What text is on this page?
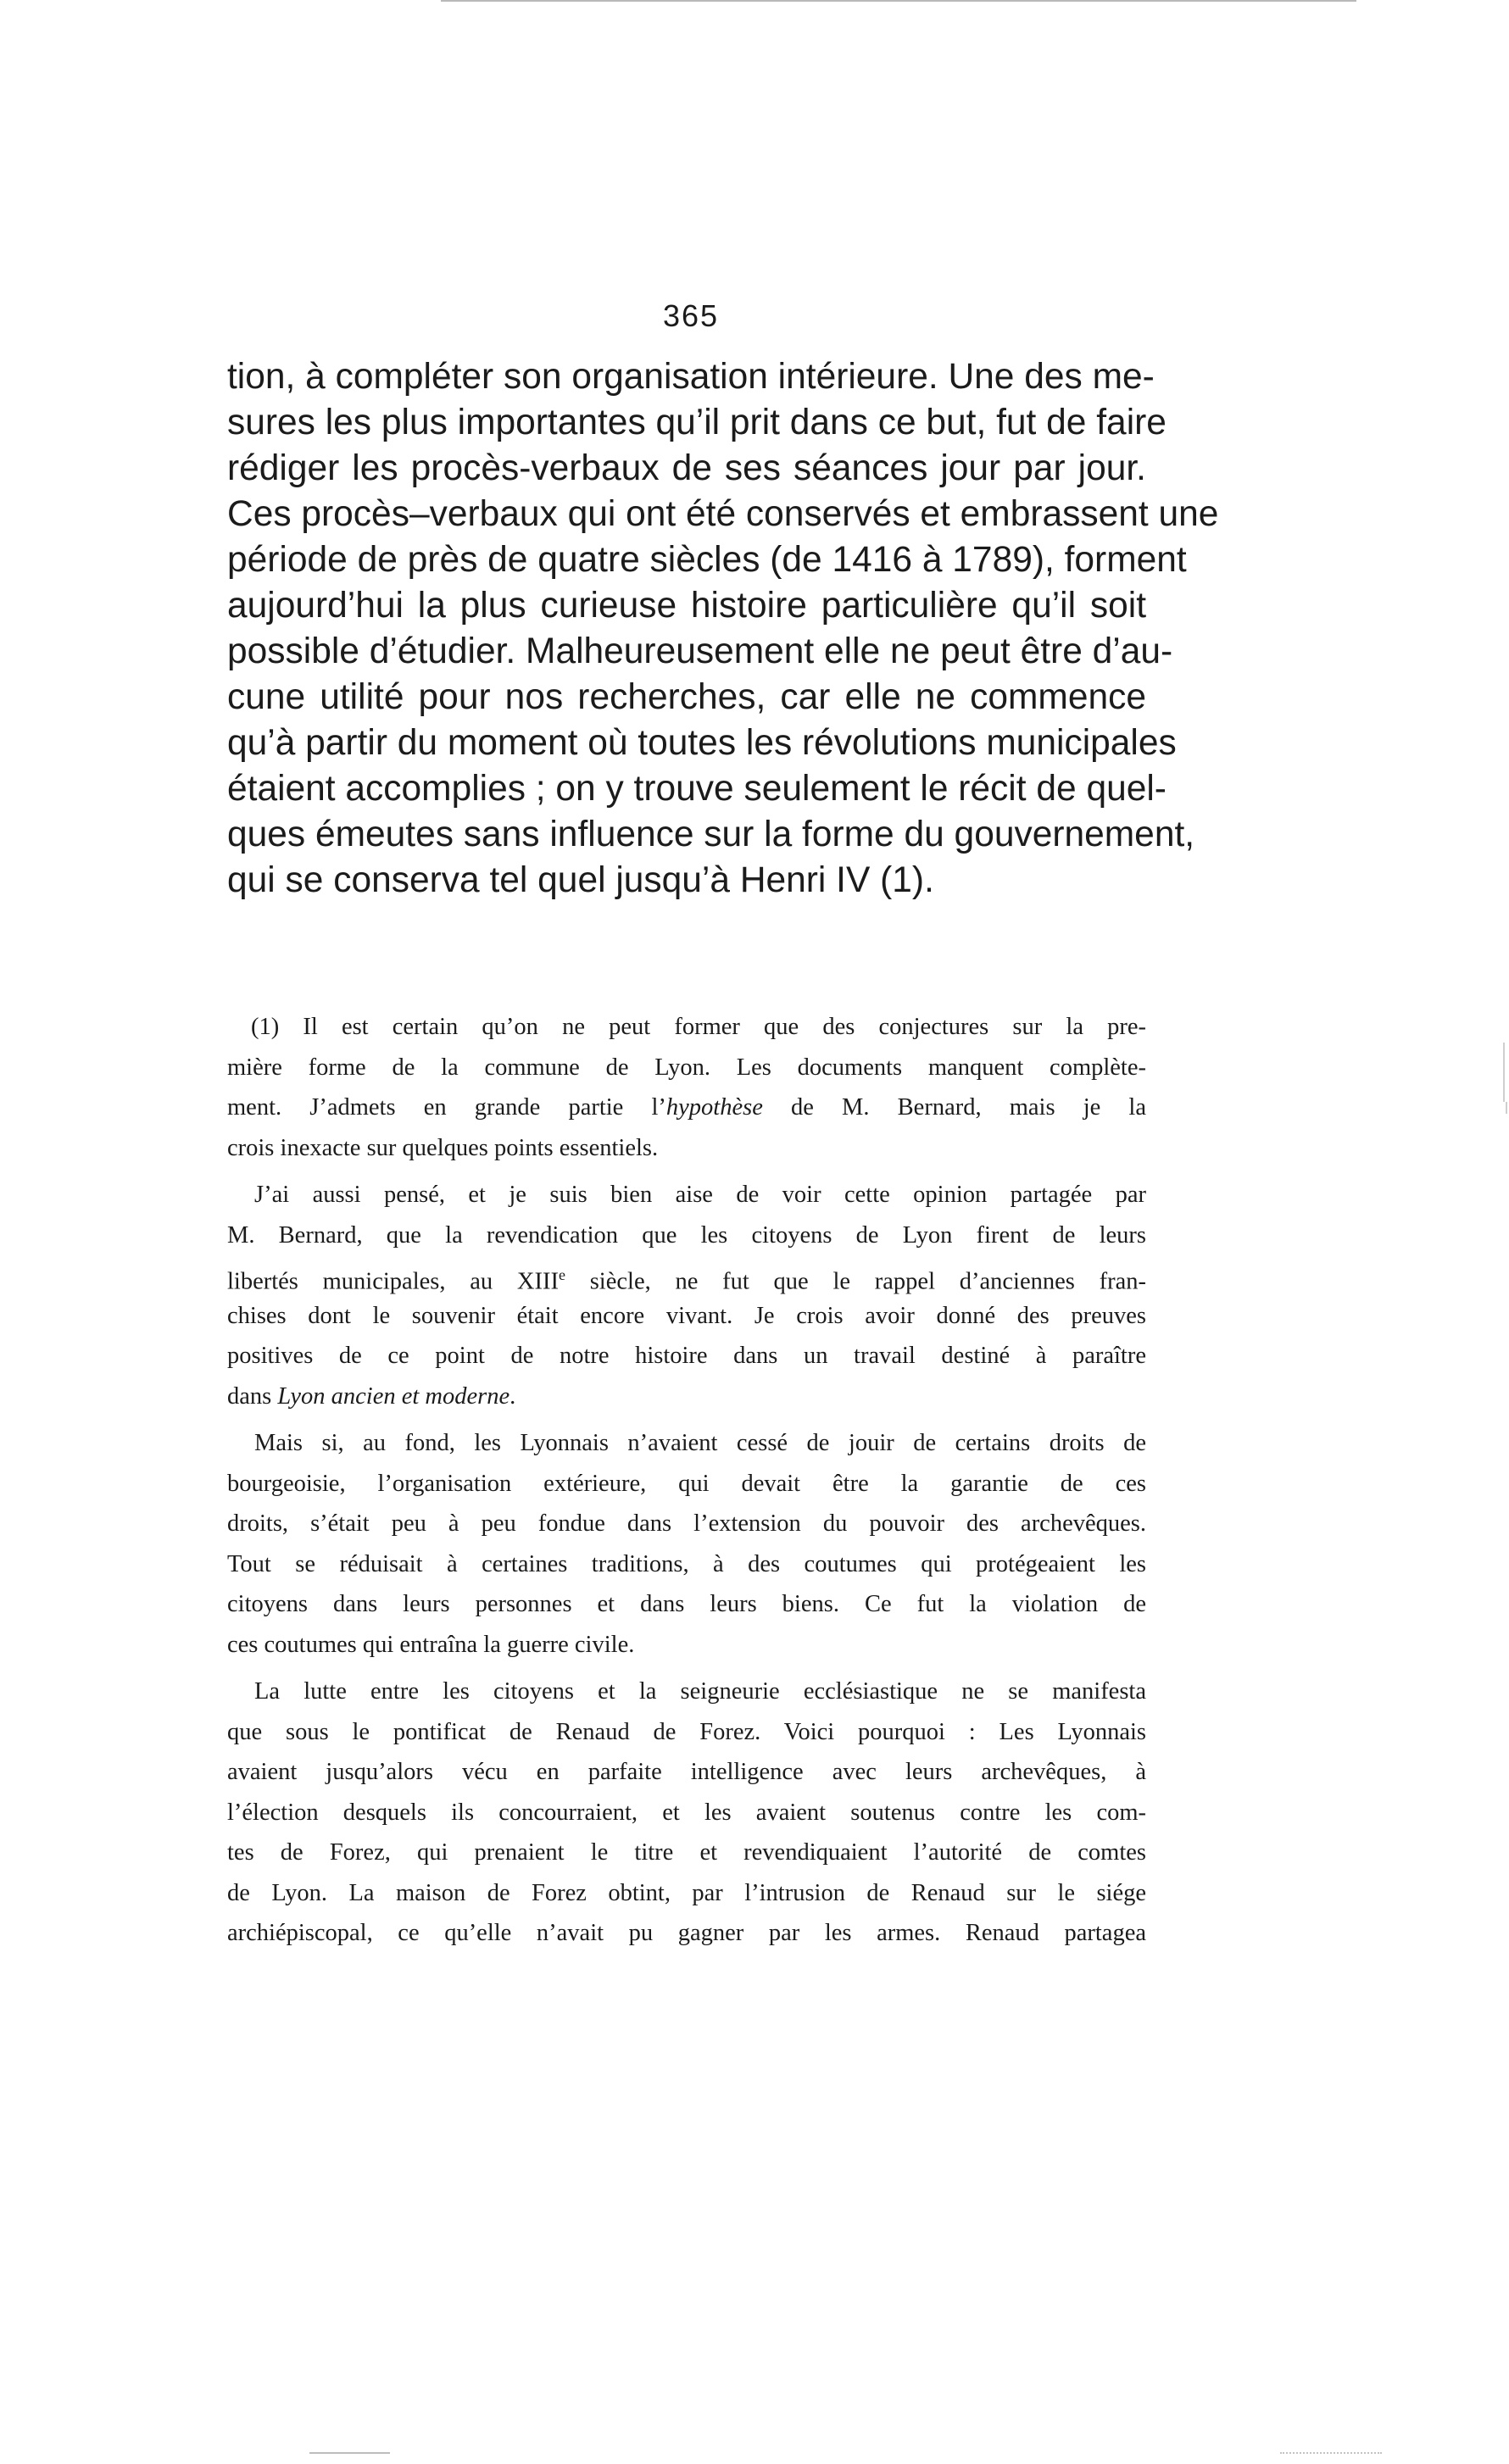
365
tion, à compléter son organisation intérieure. Une des me-
sures les plus importantes qu’il prit dans ce but, fut de faire
rédiger les procès-verbaux de ses séances jour par jour.
Ces procès–verbaux qui ont été conservés et embrassent une
période de près de quatre siècles (de 1416 à 1789), forment
aujourd’hui la plus curieuse histoire particulière qu’il soit
possible d’étudier. Malheureusement elle ne peut être d’au-
cune utilité pour nos recherches, car elle ne commence
qu’à partir du moment où toutes les révolutions municipales
étaient accomplies ; on y trouve seulement le récit de quel-
ques émeutes sans influence sur la forme du gouvernement,
qui se conserva tel quel jusqu’à Henri IV (1).
(1) Il est certain qu’on ne peut former que des conjectures sur la pre-
mière forme de la commune de Lyon. Les documents manquent complète-
ment. J’admets en grande partie l’hypothèse de M. Bernard, mais je la
crois inexacte sur quelques points essentiels.
J’ai aussi pensé, et je suis bien aise de voir cette opinion partagée par
M. Bernard, que la revendication que les citoyens de Lyon firent de leurs
libertés municipales, au XIIIe siècle, ne fut que le rappel d’anciennes fran-
chises dont le souvenir était encore vivant. Je crois avoir donné des preuves
positives de ce point de notre histoire dans un travail destiné à paraître
dans Lyon ancien et moderne.
Mais si, au fond, les Lyonnais n’avaient cessé de jouir de certains droits de
bourgeoisie, l’organisation extérieure, qui devait être la garantie de ces
droits, s’était peu à peu fondue dans l’extension du pouvoir des archevêques.
Tout se réduisait à certaines traditions, à des coutumes qui protégeaient les
citoyens dans leurs personnes et dans leurs biens. Ce fut la violation de
ces coutumes qui entraîna la guerre civile.
La lutte entre les citoyens et la seigneurie ecclésiastique ne se manifesta
que sous le pontificat de Renaud de Forez. Voici pourquoi : Les Lyonnais
avaient jusqu’alors vécu en parfaite intelligence avec leurs archevêques, à
l’élection desquels ils concourraient, et les avaient soutenus contre les com-
tes de Forez, qui prenaient le titre et revendiquaient l’autorité de comtes
de Lyon. La maison de Forez obtint, par l’intrusion de Renaud sur le siége
archiépiscopal, ce qu’elle n’avait pu gagner par les armes. Renaud partagea
